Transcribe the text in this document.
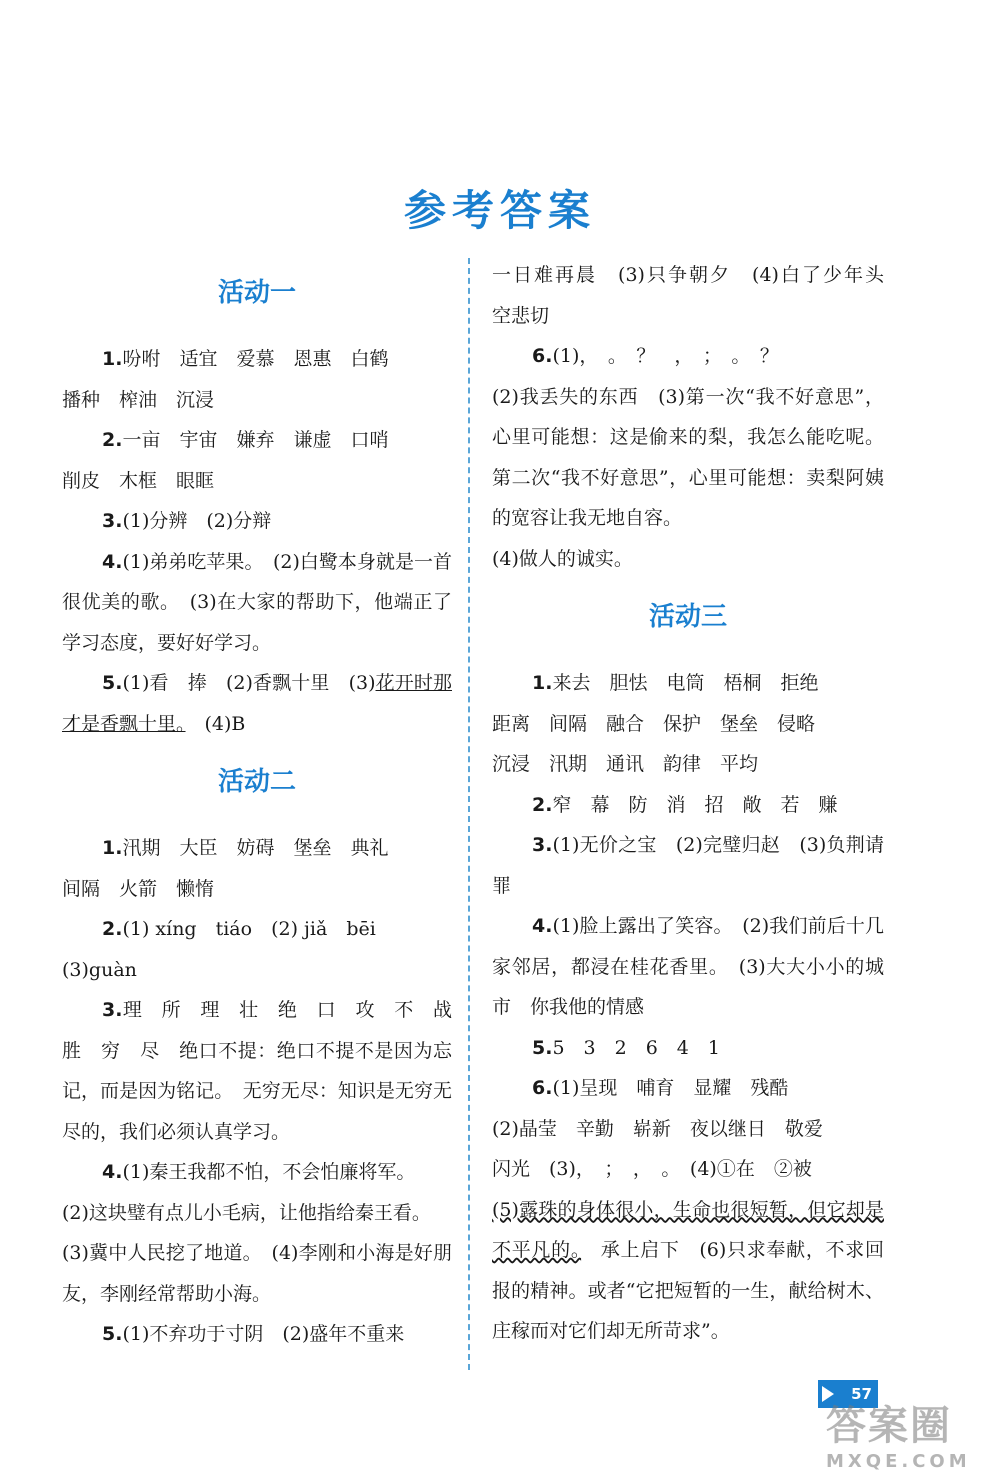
参考答案
活动一
1.吩咐　适宜　爱慕　恩惠　白鹤
播种　榨油　沉浸
2.一亩　宇宙　嫌弃　谦虚　口哨
削皮　木框　眼眶
3.(1)分辨　(2)分辩
4.(1)弟弟吃苹果。　(2)白鹭本身就是一首很优美的歌。　(3)在大家的帮助下，他端正了学习态度，要好好学习。
5.(1)看　捧　(2)香飘十里　(3)花开时那才是香飘十里。　(4)B
活动二
1.汛期　大臣　妨碍　堡垒　典礼
间隔　火箭　懒惰
2.(1) xíng　tiáo　(2) jiǎ　bēi
(3)guàn
3.理　所　理　壮　绝　口　攻　不　战　胜　穷　尽　绝口不提：绝口不提不是因为忘记，而是因为铭记。　无穷无尽：知识是无穷无尽的，我们必须认真学习。
4.(1)秦王我都不怕，不会怕廉将军。
(2)这块璧有点儿小毛病，让他指给秦王看。
(3)冀中人民挖了地道。　(4)李刚和小海是好朋友，李刚经常帮助小海。
5.(1)不弃功于寸阴　(2)盛年不重来
一日难再晨　(3)只争朝夕　(4)白了少年头　空悲切
6.(1)，　。　？　，　；　。　？
(2)我丢失的东西　(3)第一次“我不好意思”，心里可能想：这是偷来的梨，我怎么能吃呢。第二次“我不好意思”，心里可能想：卖梨阿姨的宽容让我无地自容。
(4)做人的诚实。
活动三
1.来去　胆怯　电筒　梧桐　拒绝
距离　间隔　融合　保护　堡垒　侵略
沉浸　汛期　通讯　韵律　平均
2.窄　幕　防　消　招　敞　若　赚
3.(1)无价之宝　(2)完璧归赵　(3)负荆请罪
4.(1)脸上露出了笑容。　(2)我们前后十几家邻居，都浸在桂花香里。　(3)大大小小的城市　你我他的情感
5.5　3　2　6　4　1
6.(1)呈现　哺育　显耀　残酷
(2)晶莹　辛勤　崭新　夜以继日　敬爱
闪光　(3)，　；　，　。　(4)①在　②被
(5)露珠的身体很小，生命也很短暂，但它却是不平凡的。　承上启下　(6)只求奉献，不求回报的精神。或者“它把短暂的一生，献给树木、庄稼而对它们却无所苛求”。
57
答案圈
MXQE.COM
